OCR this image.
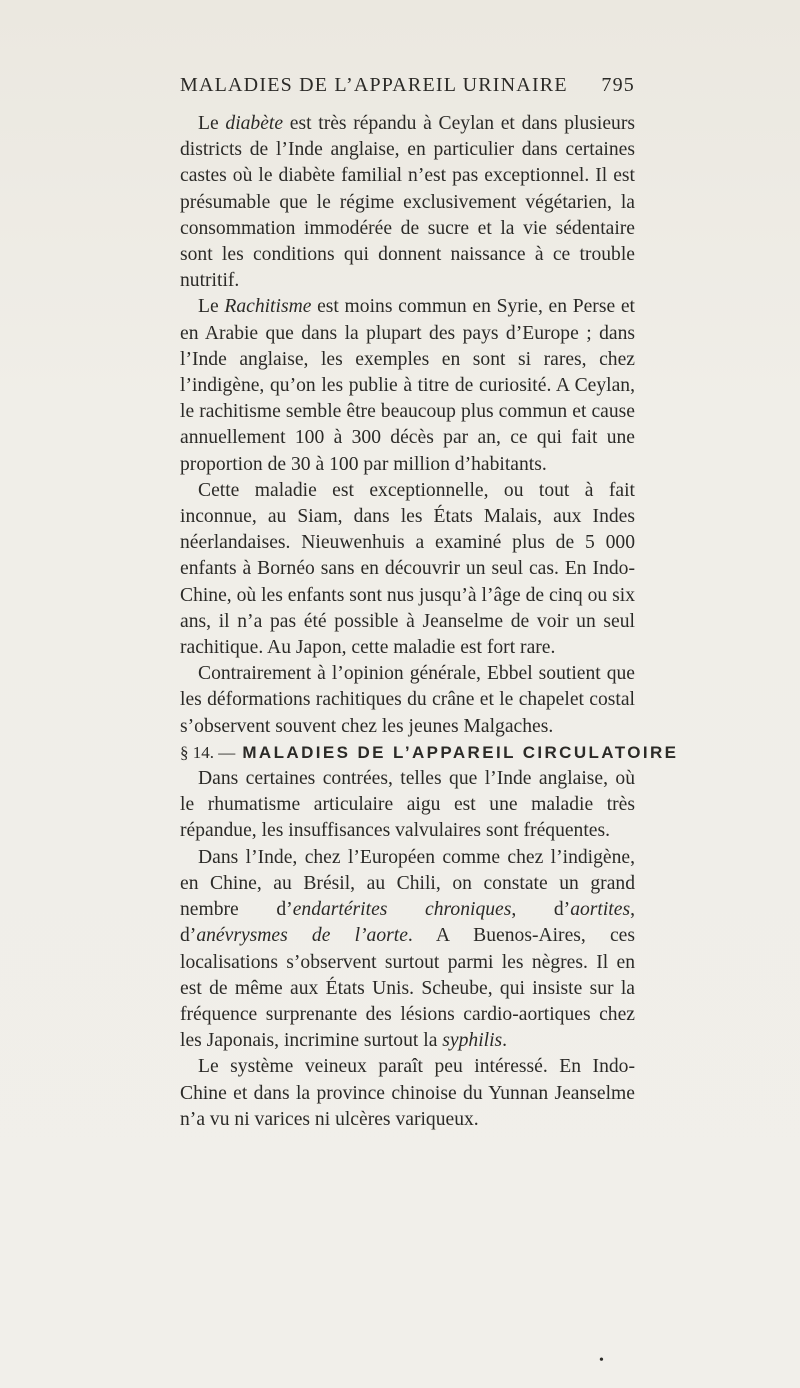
MALADIES DE L’APPAREIL URINAIRE 795

Le diabète est très répandu à Ceylan et dans plusieurs districts de l’Inde anglaise, en particulier dans certaines castes où le diabète familial n’est pas exceptionnel. Il est présumable que le régime exclusivement végétarien, la consommation immodérée de sucre et la vie sédentaire sont les conditions qui donnent naissance à ce trouble nutritif.

Le Rachitisme est moins commun en Syrie, en Perse et en Arabie que dans la plupart des pays d’Europe ; dans l’Inde anglaise, les exemples en sont si rares, chez l’indigène, qu’on les publie à titre de curiosité. A Ceylan, le rachitisme semble être beaucoup plus commun et cause annuellement 100 à 300 décès par an, ce qui fait une proportion de 30 à 100 par million d’habitants.

Cette maladie est exceptionnelle, ou tout à fait inconnue, au Siam, dans les États Malais, aux Indes néerlandaises. Nieuwenhuis a examiné plus de 5 000 enfants à Bornéo sans en découvrir un seul cas. En Indo-Chine, où les enfants sont nus jusqu’à l’âge de cinq ou six ans, il n’a pas été possible à Jeanselme de voir un seul rachitique. Au Japon, cette maladie est fort rare.

Contrairement à l’opinion générale, Ebbel soutient que les déformations rachitiques du crâne et le chapelet costal s’observent souvent chez les jeunes Malgaches.

§ 14. — MALADIES DE L’APPAREIL CIRCULATOIRE

Dans certaines contrées, telles que l’Inde anglaise, où le rhumatisme articulaire aigu est une maladie très répandue, les insuffisances valvulaires sont fréquentes.

Dans l’Inde, chez l’Européen comme chez l’indigène, en Chine, au Brésil, au Chili, on constate un grand nembre d’endartérites chroniques, d’aortites, d’anévrysmes de l’aorte. A Buenos-Aires, ces localisations s’observent surtout parmi les nègres. Il en est de même aux États Unis. Scheube, qui insiste sur la fréquence surprenante des lésions cardio-aortiques chez les Japonais, incrimine surtout la syphilis.

Le système veineux paraît peu intéressé. En Indo-Chine et dans la province chinoise du Yunnan Jeanselme n’a vu ni varices ni ulcères variqueux.

•
